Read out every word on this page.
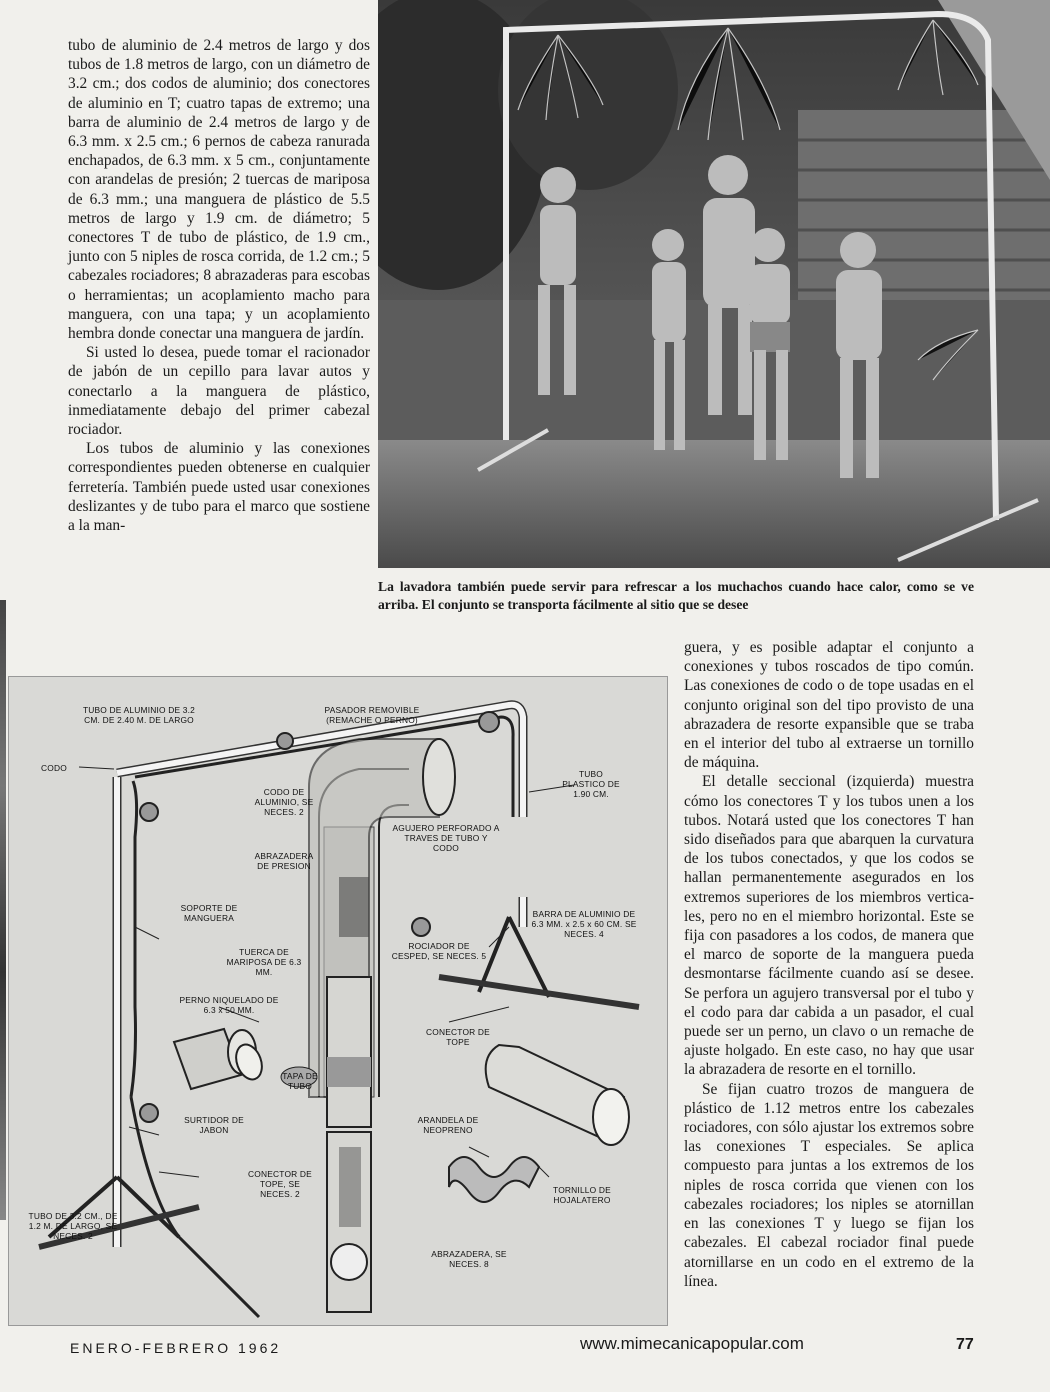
tubo de aluminio de 2.4 metros de largo y dos tubos de 1.8 metros de largo, con un diámetro de 3.2 cm.; dos codos de aluminio; dos conectores de aluminio en T; cuatro tapas de extremo; una barra de aluminio de 2.4 metros de largo y de 6.3 mm. x 2.5 cm.; 6 pernos de cabeza ranurada enchapados, de 6.3 mm. x 5 cm., conjuntamente con arandelas de presión; 2 tuercas de mariposa de 6.3 mm.; una manguera de plástico de 5.5 metros de largo y 1.9 cm. de diámetro; 5 conectores T de tubo de plástico, de 1.9 cm., junto con 5 niples de rosca corrida, de 1.2 cm.; 5 cabezales rociadores; 8 abrazaderas para escobas o herramientas; un acoplamiento macho para manguera, con una tapa; y un acoplamiento hembra donde conectar una manguera de jardín.

Si usted lo desea, puede tomar el racionador de jabón de un cepillo para lavar autos y conectarlo a la manguera de plástico, inmediatamente debajo del primer cabezal rociador.

Los tubos de aluminio y las conexiones correspondientes pueden obtenerse en cualquier ferretería. También puede usted usar conexiones deslizantes y de tubo para el marco que sostiene a la man-

La lavadora también puede servir para refrescar a los muchachos cuando hace calor, como se ve arriba. El conjunto se transporta fácilmente al sitio que se desee
TUBO DE ALUMINIO DE 3.2 CM. DE 2.40 M. DE LARGO
CODO
PASADOR REMOVIBLE (REMACHE O PERNO)
TUBO PLASTICO DE 1.90 CM.
CODO DE ALUMINIO, SE NECES. 2
AGUJERO PERFORADO A TRAVES DE TUBO Y CODO
ABRAZADERA DE PRESION
SOPORTE DE MANGUERA	BARRA DE ALUMINIO DE 6.3 MM. x 2.5 x 60 CM. SE NECES. 4
TUERCA DE MARIPOSA DE 6.3 MM.
ROCIADOR DE CESPED, SE NECES. 5
PERNO NIQUELADO DE 6.3 x 50 MM.
CONECTOR DE TOPE
TAPA DE TUBO
SURTIDOR DE JABON
ARANDELA DE NEOPRENO
CONECTOR DE TOPE, SE NECES. 2	TORNILLO DE HOJALATERO
TUBO DE 3.2 CM., DE 1.2 M. DE LARGO, SE NECES. 2
ABRAZADERA, SE NECES. 8

guera, y es posible adaptar el conjunto a conexiones y tubos roscados de tipo común. Las conexiones de codo o de tope usadas en el conjunto original son del tipo provisto de una abrazadera de resorte expansible que se traba en el interior del tubo al extraerse un tornillo de máquina.

El detalle seccional (izquierda) muestra cómo los conectores T y los tubos unen a los tubos. Notará usted que los conectores T han sido diseñados para que abarquen la curvatura de los tubos conectados, y que los codos se hallan permanentemente asegurados en los extremos superiores de los miembros verticales, pero no en el miembro horizontal. Este se fija con pasadores a los codos, de manera que el marco de soporte de la manguera pueda desmontarse fácilmente cuando así se desee. Se perfora un agujero transversal por el tubo y el codo para dar cabida a un pasador, el cual puede ser un perno, un clavo o un remache de ajuste holgado. En este caso, no hay que usar la abrazadera de resorte en el tornillo.

Se fijan cuatro trozos de manguera de plástico de 1.12 metros entre los cabezales rociadores, con sólo ajustar los extremos sobre las conexiones T especiales. Se aplica compuesto para juntas a los extremos de los niples de rosca corrida que vienen con los cabezales rociadores; los niples se atornillan en las conexiones T y luego se fijan los cabezales. El cabezal rociador final puede atornillarse en un codo en el extremo de la línea.

ENERO-FEBRERO 1962	www.mimecanicapopular.com	77
